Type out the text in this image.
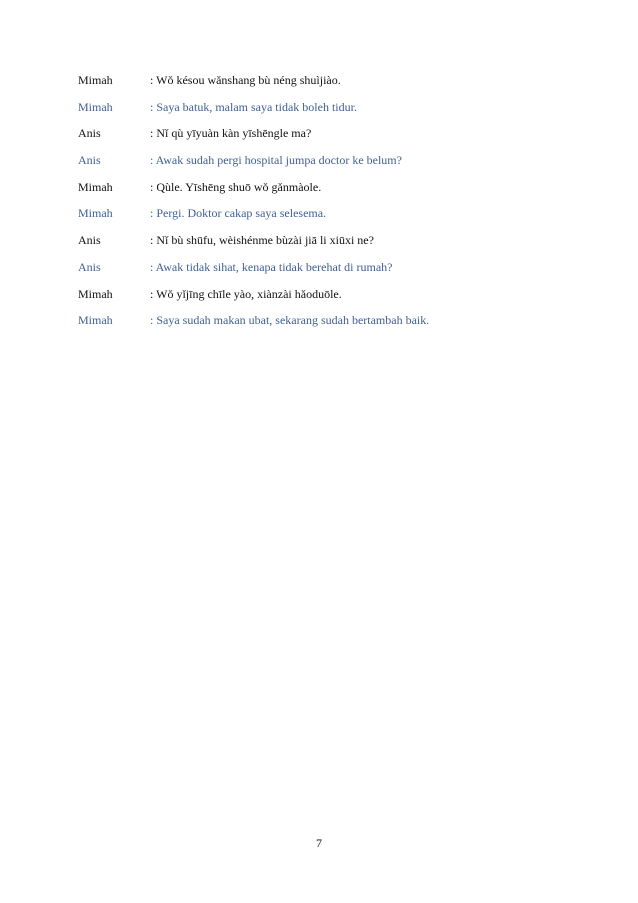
Mimah	: Wǒ késou wǎnshang bù néng shuìjiào.
Mimah	: Saya batuk, malam saya tidak boleh tidur.
Anis	: Nǐ qù yīyuàn kàn yīshēngle ma?
Anis	: Awak sudah pergi hospital jumpa doctor ke belum?
Mimah	: Qùle. Yīshēng shuō wǒ gǎnmàole.
Mimah	: Pergi. Doktor cakap saya selesema.
Anis	: Nǐ bù shūfu, wèishénme bùzài jiā li xiūxi ne?
Anis	: Awak tidak sihat, kenapa tidak berehat di rumah?
Mimah	: Wǒ yǐjīng chīle yào, xiànzài hǎoduōle.
Mimah	: Saya sudah makan ubat, sekarang sudah bertambah baik.
7
